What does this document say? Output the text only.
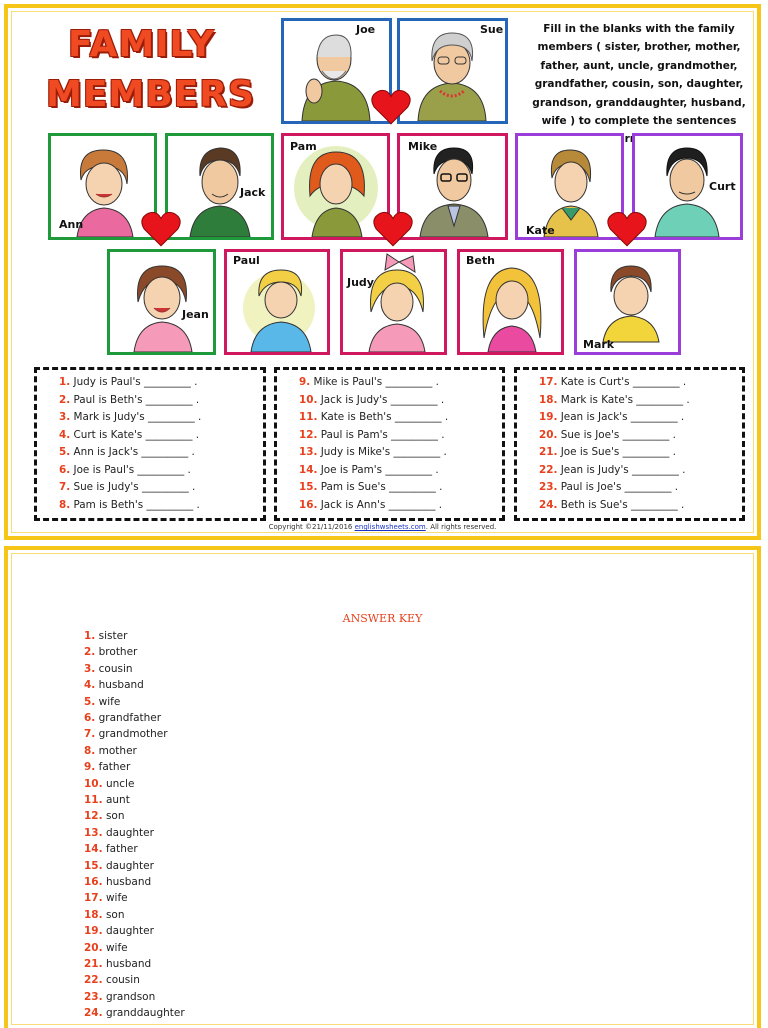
FAMILY
MEMBERS
Fill in the blanks with the family members ( sister, brother, mother, father, aunt, uncle, grandmother, grandfather, cousin, son, daughter, grandson, granddaughter, husband, wife ) to complete the sentences
Joe	Sue
Ann
Jack
Pam	Mike
Kate
Curt
Jean
Paul
Judy
Beth
Mark
1. Judy is Paul's _________ .
2. Paul is Beth's _________ .
3. Mark is Judy's _________ .
4. Curt is Kate's _________ .
5. Ann is Jack's _________ .
6. Joe is Paul's _________ .
7. Sue is Judy's _________ .
8. Pam is Beth's _________ .
9. Mike is Paul's _________ .
10. Jack is Judy's _________ .
11. Kate is Beth's _________ .
12. Paul is Pam's _________ .
13. Judy is Mike's _________ .
14. Joe is Pam's _________ .
15. Pam is Sue's _________ .
16. Jack is Ann's _________ .
17. Kate is Curt's _________ .
18. Mark is Kate's _________ .
19. Jean is Jack's _________ .
20. Sue is Joe's _________ .
21. Joe is Sue's _________ .
22. Jean is Judy's _________ .
23. Paul is Joe's _________ .
24. Beth is Sue's _________ .
Copyright ©21/11/2016 englishwsheets.com. All rights reserved.
ANSWER KEY
1. sister
2. brother
3. cousin
4. husband
5. wife
6. grandfather
7. grandmother
8. mother
9. father
10. uncle
11. aunt
12. son
13. daughter
14. father
15. daughter
16. husband
17. wife
18. son
19. daughter
20. wife
21. husband
22. cousin
23. grandson
24. granddaughter
